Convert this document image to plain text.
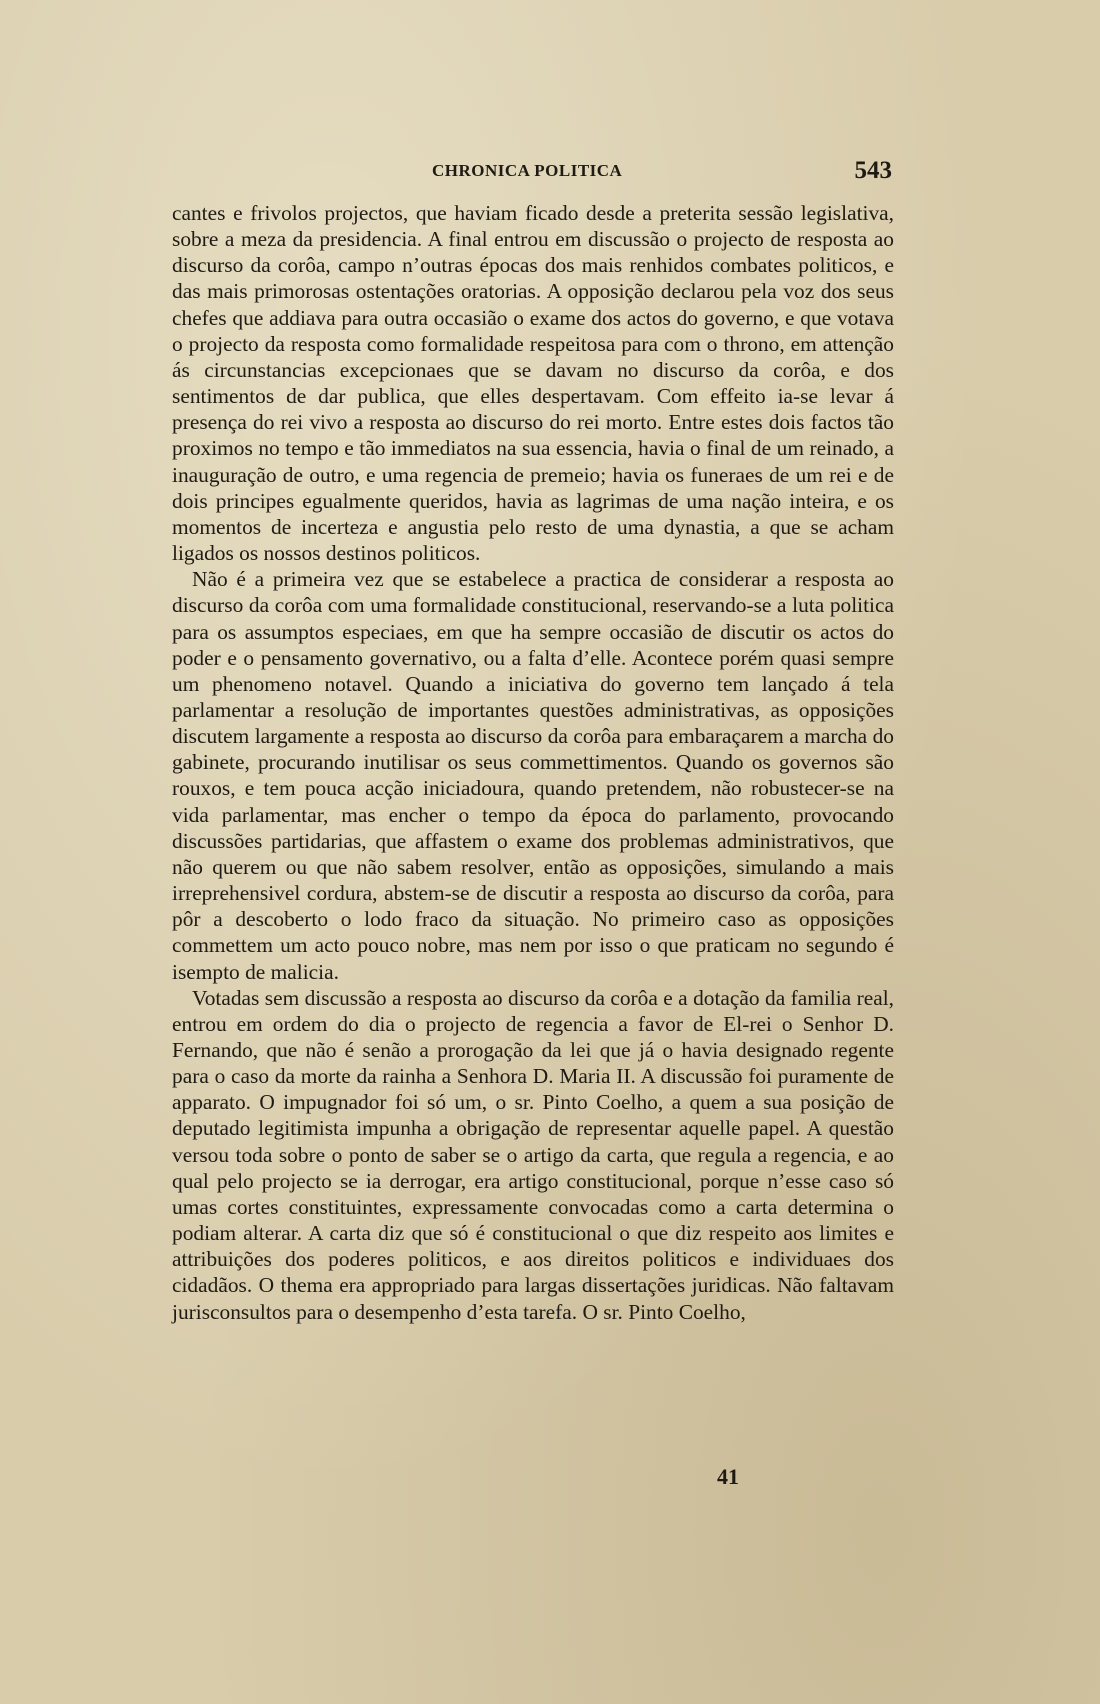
CHRONICA POLITICA	543

cantes e frivolos projectos, que haviam ficado desde a preterita sessão legislativa, sobre a meza da presidencia. A final entrou em discussão o projecto de resposta ao discurso da corôa, campo n’outras épocas dos mais renhidos combates politicos, e das mais primorosas ostentações oratorias. A opposição declarou pela voz dos seus chefes que addiava para outra occasião o exame dos actos do governo, e que votava o projecto da resposta como formalidade respeitosa para com o throno, em attenção ás circunstancias excepcionaes que se davam no discurso da corôa, e dos sentimentos de dar publica, que elles despertavam. Com effeito ia-se levar á presença do rei vivo a resposta ao discurso do rei morto. Entre estes dois factos tão proximos no tempo e tão immediatos na sua essencia, havia o final de um reinado, a inauguração de outro, e uma regencia de premeio; havia os funeraes de um rei e de dois principes egualmente queridos, havia as lagrimas de uma nação inteira, e os momentos de incerteza e angustia pelo resto de uma dynastia, a que se acham ligados os nossos destinos politicos.

Não é a primeira vez que se estabelece a practica de considerar a resposta ao discurso da corôa com uma formalidade constitucional, reservando-se a luta politica para os assumptos especiaes, em que ha sempre occasião de discutir os actos do poder e o pensamento governativo, ou a falta d’elle. Acontece porém quasi sempre um phenomeno notavel. Quando a iniciativa do governo tem lançado á tela parlamentar a resolução de importantes questões administrativas, as opposições discutem largamente a resposta ao discurso da corôa para embaraçarem a marcha do gabinete, procurando inutilisar os seus commettimentos. Quando os governos são rouxos, e tem pouca acção iniciadoura, quando pretendem, não robustecer-se na vida parlamentar, mas encher o tempo da época do parlamento, provocando discussões partidarias, que affastem o exame dos problemas administrativos, que não querem ou que não sabem resolver, então as opposições, simulando a mais irreprehensivel cordura, abstem-se de discutir a resposta ao discurso da corôa, para pôr a descoberto o lodo fraco da situação. No primeiro caso as opposições commettem um acto pouco nobre, mas nem por isso o que praticam no segundo é isempto de malicia.

Votadas sem discussão a resposta ao discurso da corôa e a dotação da familia real, entrou em ordem do dia o projecto de regencia a favor de El-rei o Senhor D. Fernando, que não é senão a prorogação da lei que já o havia designado regente para o caso da morte da rainha a Senhora D. Maria II. A discussão foi puramente de apparato. O impugnador foi só um, o sr. Pinto Coelho, a quem a sua posição de deputado legitimista impunha a obrigação de representar aquelle papel. A questão versou toda sobre o ponto de saber se o artigo da carta, que regula a regencia, e ao qual pelo projecto se ia derrogar, era artigo constitucional, porque n’esse caso só umas cortes constituintes, expressamente convocadas como a carta determina o podiam alterar. A carta diz que só é constitucional o que diz respeito aos limites e attribuições dos poderes politicos, e aos direitos politicos e individuaes dos cidadãos. O thema era appropriado para largas dissertações juridicas. Não faltavam jurisconsultos para o desempenho d’esta tarefa. O sr. Pinto Coelho,

41
